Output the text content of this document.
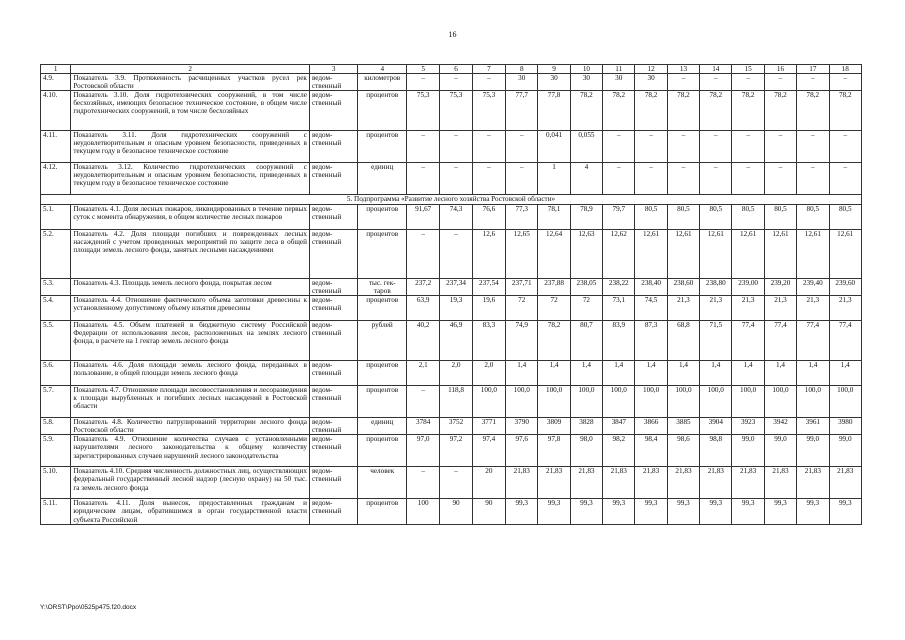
16
1	2	3	4	5	6	7	8	9	10	11	12	13	14	15	16	17	18
4.9.	Показатель 3.9. Протяженность расчищенных участков русел рек Ростовской области	ведом-ственный	километров	–	–	–	30	30	30	30	30	–	–	–	–	–	–
4.10.	Показатель 3.10. Доля гидротехнических сооружений, в том числе бесхозяйных, имеющих безопасное техническое состояние, в общем числе гидротехнических сооружений, в том числе бесхозяйных	ведом-ственный	процентов	75,3	75,3	75,3	77,7	77,8	78,2	78,2	78,2	78,2	78,2	78,2	78,2	78,2	78,2
4.11.	Показатель 3.11. Доля гидротехнических сооружений с неудовлетворительным и опасным уровнем безопасности, приведенных в текущем году в безопасное техническое состояние	ведом-ственный	процентов	–	–	–	–	0,041	0,055	–	–	–	–	–	–	–	–
4.12.	Показатель 3.12. Количество гидротехнических сооружений с неудовлетворительным и опасным уровнем безопасности, приведенных в текущем году в безопасное техническое состояние	ведом-ственный	единиц	–	–	–	–	1	4	–	–	–	–	–	–	–	–
5. Подпрограмма «Развитие лесного хозяйства Ростовской области»																	
5.1.	Показатель 4.1. Доля лесных пожаров, ликвидированных в течение первых суток с момента обнаружения, в общем количестве лесных пожаров	ведом-ственный	процентов	91,67	74,3	76,6	77,3	78,1	78,9	79,7	80,5	80,5	80,5	80,5	80,5	80,5	80,5
5.2.	Показатель 4.2. Доля площади погибших и поврежденных лесных насаждений с учетом проведенных мероприятий по защите леса в общей площади земель лесного фонда, занятых лесными насаждениями	ведом-ственный	процентов	–	–	12,6	12,65	12,64	12,63	12,62	12,61	12,61	12,61	12,61	12,61	12,61	12,61
5.3.	Показатель 4.3. Площадь земель лесного фонда, покрытая лесом	ведом-ственный	тыс. гек-таров	237,2	237,34	237,54	237,71	237,88	238,05	238,22	238,40	238,60	238,80	239,00	239,20	239,40	239,60
5.4.	Показатель 4.4. Отношение фактического объема заготовки древесины к установленному допустимому объему изъятия древесины	ведом-ственный	процентов	63,9	19,3	19,6	72	72	72	73,1	74,5	21,3	21,3	21,3	21,3	21,3	21,3
5.5.	Показатель 4.5. Объем платежей в бюджетную систему Российской Федерации от использования лесов, расположенных на землях лесного фонда, в расчете на 1 гектар земель лесного фонда	ведом-ственный	рублей	40,2	46,9	83,3	74,9	78,2	80,7	83,9	87,3	68,8	71,5	77,4	77,4	77,4	77,4
5.6.	Показатель 4.6. Доля площади земель лесного фонда, переданных в пользование, в общей площади земель лесного фонда	ведом-ственный	процентов	2,1	2,0	2,0	1,4	1,4	1,4	1,4	1,4	1,4	1,4	1,4	1,4	1,4	1,4
5.7.	Показатель 4.7. Отношение площади лесовосстановления и лесоразведения к площади вырубленных и погибших лесных насаждений в Ростовской области	ведом-ственный	процентов	–	118,8	100,0	100,0	100,0	100,0	100,0	100,0	100,0	100,0	100,0	100,0	100,0	100,0
5.8.	Показатель 4.8. Количество патрулирований территории лесного фонда Ростовской области	ведом-ственный	единиц	3784	3752	3771	3790	3809	3828	3847	3866	3885	3904	3923	3942	3961	3980
5.9.	Показатель 4.9. Отношение количества случаев с установленными нарушителями лесного законодательства к общему количеству зарегистрированных случаев нарушений лесного законодательства	ведом-ственный	процентов	97,0	97,2	97,4	97,6	97,8	98,0	98,2	98,4	98,6	98,8	99,0	99,0	99,0	99,0
5.10.	Показатель 4.10. Средняя численность должностных лиц, осуществляющих федеральный государственный лесной надзор (лесную охрану) на 50 тыс. га земель лесного фонда	ведом-ственный	человек	–	–	20	21,83	21,83	21,83	21,83	21,83	21,83	21,83	21,83	21,83	21,83	21,83
5.11.	Показатель 4.11. Доля вынесок, предоставленных гражданам и юридическим лицам, обратившимся в орган государственной власти субъекта Российской	ведом-ственный	процентов	100	90	90	99,3	99,3	99,3	99,3	99,3	99,3	99,3	99,3	99,3	99,3	99,3
Y:\ORST\Ppo\0525p475.f20.docx
